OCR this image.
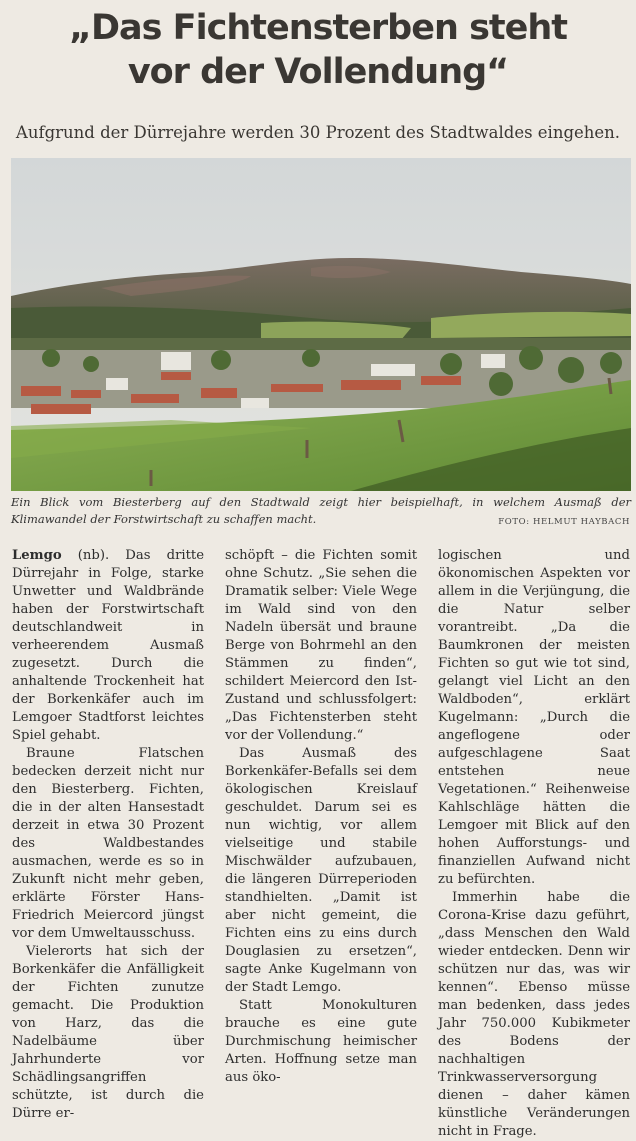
„Das Fichtensterben steht
vor der Vollendung“
Aufgrund der Dürrejahre werden 30 Prozent des Stadtwaldes eingehen.
Ein Blick vom Biesterberg auf den Stadtwald zeigt hier beispielhaft, in welchem Ausmaß der Klimawandel der Forstwirtschaft zu schaffen macht.	FOTO: HELMUT HAYBACH

Lemgo (nb). Das dritte Dürrejahr in Folge, starke Unwetter und Waldbrände haben der Forstwirtschaft deutschlandweit in verheerendem Ausmaß zugesetzt. Durch die anhaltende Trockenheit hat der Borkenkäfer auch im Lemgoer Stadtforst leichtes Spiel gehabt.

Braune Flatschen bedecken derzeit nicht nur den Biesterberg. Fichten, die in der alten Hansestadt derzeit in etwa 30 Prozent des Waldbestandes ausmachen, werde es so in Zukunft nicht mehr geben, erklärte Förster Hans-Friedrich Meiercord jüngst vor dem Umweltausschuss.

Vielerorts hat sich der Borkenkäfer die Anfälligkeit der Fichten zunutze gemacht. Die Produktion von Harz, das die Nadelbäume über Jahrhunderte vor Schädlingsangriffen schützte, ist durch die Dürre er-

schöpft – die Fichten somit ohne Schutz. „Sie sehen die Dramatik selber: Viele Wege im Wald sind von den Nadeln übersät und braune Berge von Bohrmehl an den Stämmen zu finden“, schildert Meiercord den Ist-Zustand und schlussfolgert: „Das Fichtensterben steht vor der Vollendung.“

Das Ausmaß des Borkenkäfer-Befalls sei dem ökologischen Kreislauf geschuldet. Darum sei es nun wichtig, vor allem vielseitige und stabile Mischwälder aufzubauen, die längeren Dürreperioden standhielten. „Damit ist aber nicht gemeint, die Fichten eins zu eins durch Douglasien zu ersetzen“, sagte Anke Kugelmann von der Stadt Lemgo.

Statt Monokulturen brauche es eine gute Durchmischung heimischer Arten. Hoffnung setze man aus öko-

logischen und ökonomischen Aspekten vor allem in die Verjüngung, die die Natur selber vorantreibt. „Da die Baumkronen der meisten Fichten so gut wie tot sind, gelangt viel Licht an den Waldboden“, erklärt Kugelmann: „Durch die angeflogene oder aufgeschlagene Saat entstehen neue Vegetationen.“ Reihenweise Kahlschläge hätten die Lemgoer mit Blick auf den hohen Aufforstungs- und finanziellen Aufwand nicht zu befürchten.

Immerhin habe die Corona-Krise dazu geführt, „dass Menschen den Wald wieder entdecken. Denn wir schützen nur das, was wir kennen“. Ebenso müsse man bedenken, dass jedes Jahr 750.000 Kubikmeter des Bodens der nachhaltigen Trinkwasserversorgung dienen – daher kämen künstliche Veränderungen nicht in Frage.
